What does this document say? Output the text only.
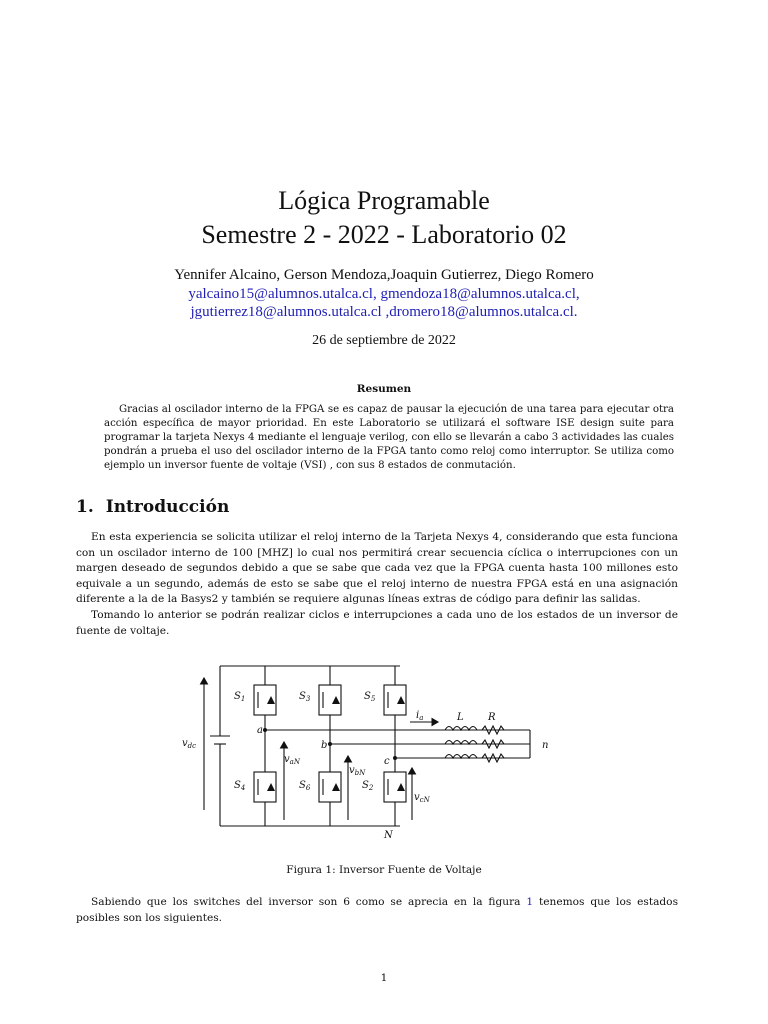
Lógica Programable
Semestre 2 - 2022 - Laboratorio 02
Yennifer Alcaino, Gerson Mendoza,Joaquin Gutierrez, Diego Romero
yalcaino15@alumnos.utalca.cl, gmendoza18@alumnos.utalca.cl,
jgutierrez18@alumnos.utalca.cl ,dromero18@alumnos.utalca.cl.
26 de septiembre de 2022
Resumen
Gracias al oscilador interno de la FPGA se es capaz de pausar la ejecución de una tarea para ejecutar otra acción específica de mayor prioridad. En este Laboratorio se utilizará el software ISE design suite para programar la tarjeta Nexys 4 mediante el lenguaje verilog, con ello se llevarán a cabo 3 actividades las cuales pondrán a prueba el uso del oscilador interno de la FPGA tanto como reloj como interruptor. Se utiliza como ejemplo un inversor fuente de voltaje (VSI) , con sus 8 estados de conmutación.
1. Introducción
En esta experiencia se solicita utilizar el reloj interno de la Tarjeta Nexys 4, considerando que esta funciona con un oscilador interno de 100 [MHZ] lo cual nos permitirá crear secuencia cíclica o interrupciones con un margen deseado de segundos debido a que se sabe que cada vez que la FPGA cuenta hasta 100 millones esto equivale a un segundo, además de esto se sabe que el reloj interno de nuestra FPGA está en una asignación diferente a la de la Basys2 y también se requiere algunas líneas extras de código para definir las salidas.
Tomando lo anterior se podrán realizar ciclos e interrupciones a cada uno de los estados de un inversor de fuente de voltaje.
$S_1$	$S_3$	$S_5$
$S_4$	$S_6$	$S_2$
$v_{dc}$
$v_{aN}$
$v_{bN}$
$v_{cN}$
$i_a$
a
b
c
n
N
L R
Figura 1: Inversor Fuente de Voltaje
Sabiendo que los switches del inversor son 6 como se aprecia en la figura 1 tenemos que los estados posibles son los siguientes.
1
